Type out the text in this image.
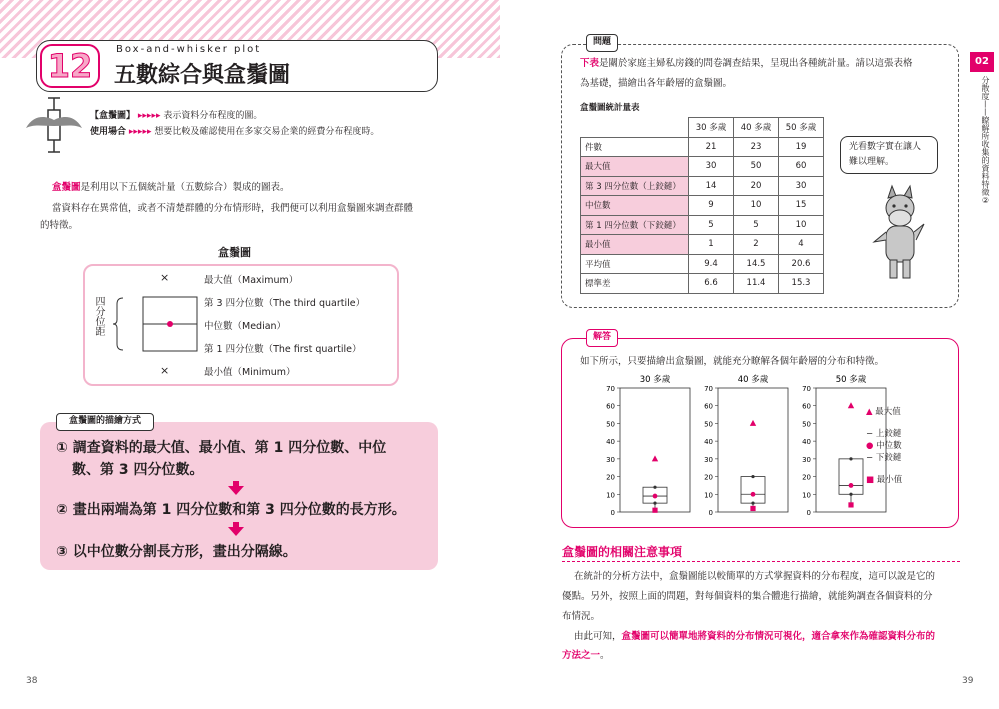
12	Box-and-whisker plot
五數綜合與盒鬚圖
【盒鬚圖】 ▸▸▸▸▸ 表示資料分布程度的圖。
使用場合 ▸▸▸▸▸ 想要比較及確認使用在多家交易企業的經費分布程度時。
盒鬚圖是利用以下五個統計量（五數綜合）製成的圖表。
當資料存在異常值，或者不清楚群體的分布情形時，我們便可以利用盒鬚圖來調查群體
的特徵。
盒鬚圖
×
×
四分位距
最大值（Maximum）
第 3 四分位數（The third quartile）
中位數（Median）
第 1 四分位數（The first quartile）
最小值（Minimum）
盒鬚圖的描繪方式
① 調查資料的最大值、最小值、第 1 四分位數、中位
數、第 3 四分位數。
② 畫出兩端為第 1 四分位數和第 3 四分位數的長方形。
③ 以中位數分割長方形，畫出分隔線。
38
問題
下表是關於家庭主婦私房錢的問卷調查結果，呈現出各種統計量。請以這張表格
為基礎，描繪出各年齡層的盒鬚圖。
盒鬚圖統計量表
	30 多歲	40 多歲	50 多歲
件數	21	23	19
最大值	30	50	60
第 3 四分位數（上鉸鏈）	14	20	30
中位數	9	10	15
第 1 四分位數（下鉸鏈）	5	5	10
最小值	1	2	4
平均值	9.4	14.5	20.6
標準差	6.6	11.4	15.3
光看數字實在讓人
難以理解。
解答
如下所示，只要描繪出盒鬚圖，就能充分瞭解各個年齡層的分布和特徵。
30 多歲
0
10
20
30
40
50
60
70
40 多歲
0
10
20
30
40
50
60
70
50 多歲
0
10
20
30
40
50
60
70
▲ 最大值
− 上鉸鏈
● 中位數
− 下鉸鏈
■ 最小值
盒鬚圖的相關注意事項
在統計的分析方法中，盒鬚圖能以較簡單的方式掌握資料的分布程度，這可以說是它的
優點。另外，按照上面的問題，對每個資料的集合體進行描繪，就能夠調查各個資料的分
布情況。
由此可知，盒鬚圖可以簡單地將資料的分布情況可視化，適合拿來作為確認資料分布的
方法之一。
02
分散度——瞭解所收集的資料特徵②
39
